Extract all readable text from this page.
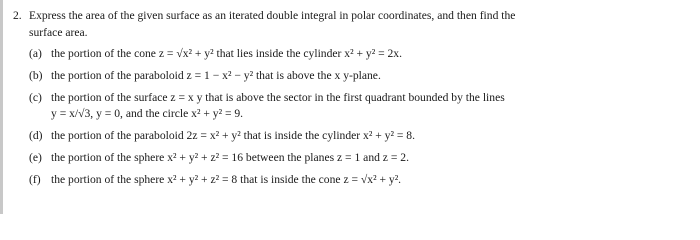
2. Express the area of the given surface as an iterated double integral in polar coordinates, and then find the
surface area.
(a) the portion of the cone z = √x² + y² that lies inside the cylinder x² + y² = 2x.
(b) the portion of the paraboloid z = 1 − x² − y² that is above the x y-plane.
(c) the portion of the surface z = x y that is above the sector in the first quadrant bounded by the lines
y = x/√3, y = 0, and the circle x² + y² = 9.
(d) the portion of the paraboloid 2z = x² + y² that is inside the cylinder x² + y² = 8.
(e) the portion of the sphere x² + y² + z² = 16 between the planes z = 1 and z = 2.
(f) the portion of the sphere x² + y² + z² = 8 that is inside the cone z = √x² + y².
